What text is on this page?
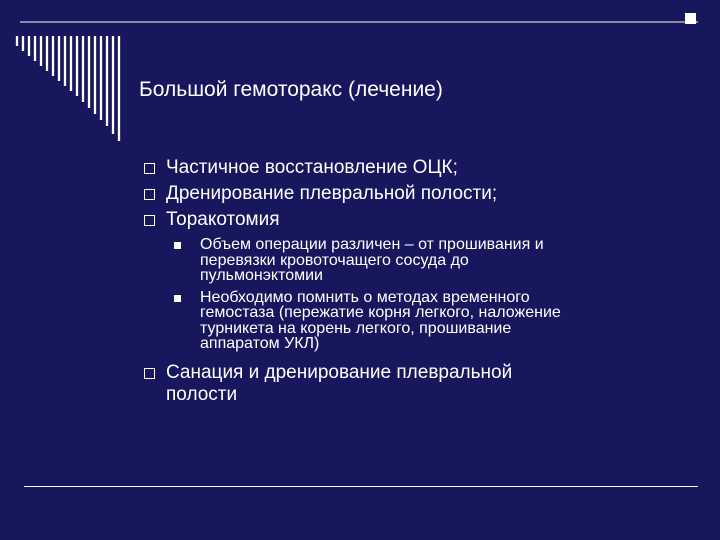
Большой гемоторакс (лечение)
Частичное восстановление ОЦК;
Дренирование плевральной полости;
Торакотомия
Объем операции различен – от прошивания и
перевязки кровоточащего сосуда до
пульмонэктомии
Необходимо помнить о методах временного
гемостаза (пережатие корня легкого, наложение
турникета на корень легкого, прошивание
аппаратом УКЛ)
Санация и дренирование плевральной
полости
